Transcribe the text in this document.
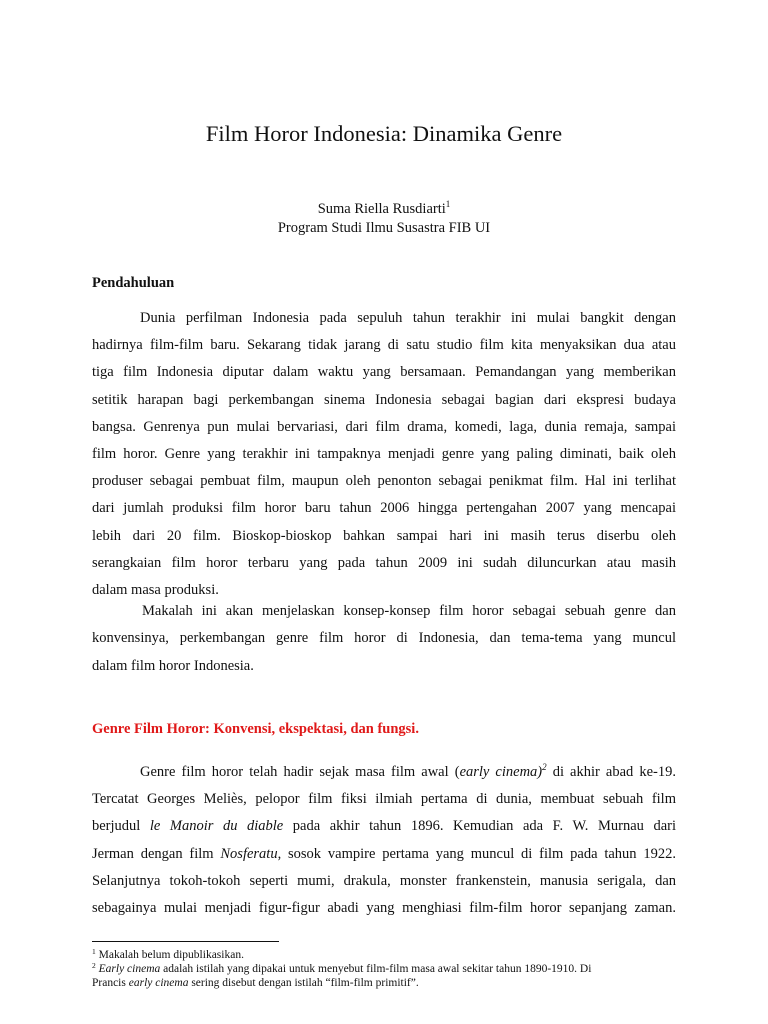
Film Horor Indonesia: Dinamika Genre
Suma Riella Rusdiarti$^1$
Program Studi Ilmu Susastra FIB UI
Pendahuluan
Dunia perfilman Indonesia pada sepuluh tahun terakhir ini mulai bangkit dengan
hadirnya film-film baru. Sekarang tidak jarang di satu studio film kita menyaksikan dua atau
tiga film Indonesia diputar dalam waktu yang bersamaan. Pemandangan yang memberikan
setitik harapan bagi perkembangan sinema Indonesia sebagai bagian dari ekspresi budaya
bangsa. Genrenya pun mulai bervariasi, dari film drama, komedi, laga, dunia remaja, sampai
film horor. Genre yang terakhir ini tampaknya menjadi genre yang paling diminati, baik oleh
produser sebagai pembuat film, maupun oleh penonton sebagai penikmat film. Hal ini terlihat
dari jumlah produksi film horor baru tahun 2006 hingga pertengahan 2007 yang mencapai
lebih dari 20 film. Bioskop-bioskop bahkan sampai hari ini masih terus diserbu oleh
serangkaian film horor terbaru yang pada tahun 2009 ini sudah diluncurkan atau masih
dalam masa produksi.
Makalah ini akan menjelaskan konsep-konsep film horor sebagai sebuah genre dan
konvensinya, perkembangan genre film horor di Indonesia, dan tema-tema yang muncul
dalam film horor Indonesia.
Genre Film Horor: Konvensi, ekspektasi, dan fungsi.
Genre film horor telah hadir sejak masa film awal (early cinema)$^2$ di akhir abad ke-19.
Tercatat Georges Meliès, pelopor film fiksi ilmiah pertama di dunia, membuat sebuah film
berjudul le Manoir du diable pada akhir tahun 1896. Kemudian ada F. W. Murnau dari
Jerman dengan film Nosferatu, sosok vampire pertama yang muncul di film pada tahun 1922.
Selanjutnya tokoh-tokoh seperti mumi, drakula, monster frankenstein, manusia serigala, dan
sebagainya mulai menjadi figur-figur abadi yang menghiasi film-film horor sepanjang zaman.
$^1$ Makalah belum dipublikasikan.
$^2$ Early cinema adalah istilah yang dipakai untuk menyebut film-film masa awal sekitar tahun 1890-1910. Di
Prancis early cinema sering disebut dengan istilah “film-film primitif”.
